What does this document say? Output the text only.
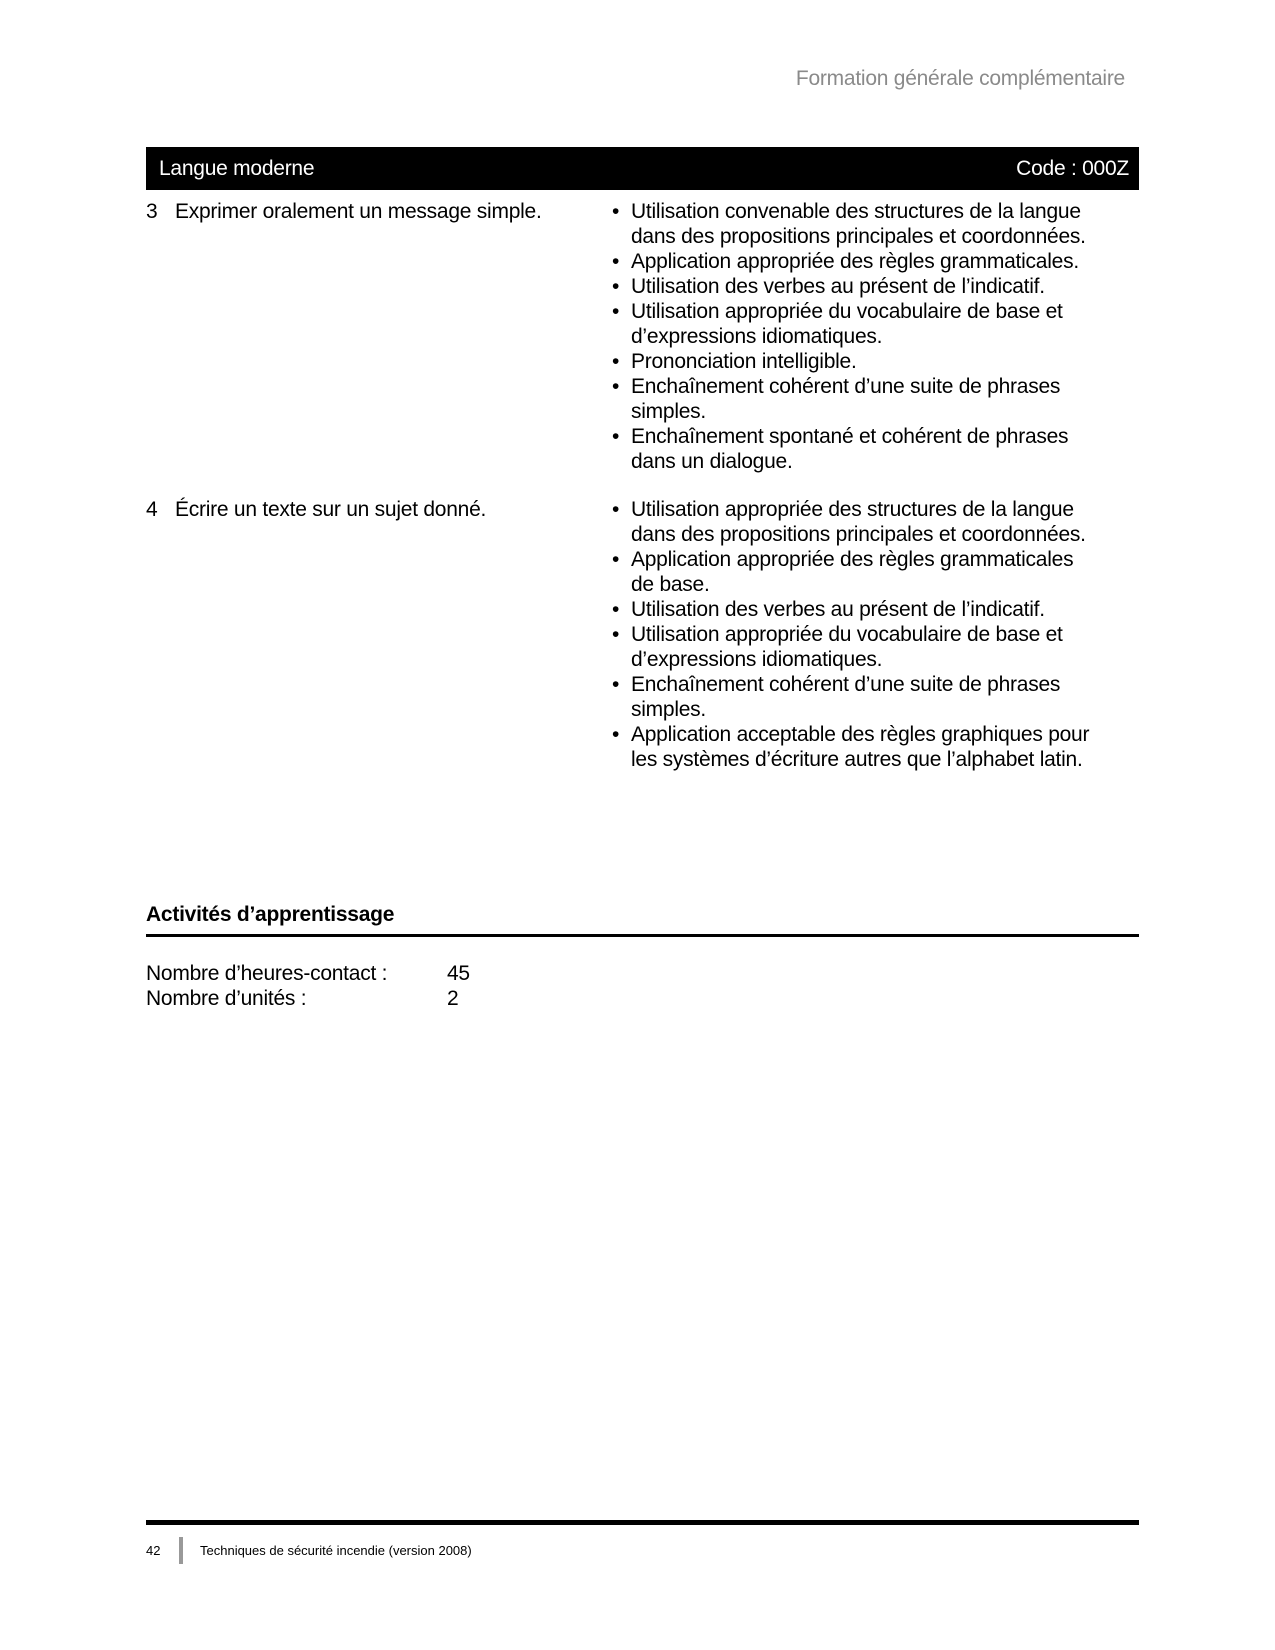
Formation générale complémentaire
Langue moderne	Code : 000Z
3 Exprimer oralement un message simple.	• Utilisation convenable des structures de la langue dans des propositions principales et coordonnées.
• Application appropriée des règles grammaticales.
• Utilisation des verbes au présent de l’indicatif.
• Utilisation appropriée du vocabulaire de base et d’expressions idiomatiques.
• Prononciation intelligible.
• Enchaînement cohérent d’une suite de phrases simples.
• Enchaînement spontané et cohérent de phrases dans un dialogue.
4 Écrire un texte sur un sujet donné.	• Utilisation appropriée des structures de la langue dans des propositions principales et coordonnées.
• Application appropriée des règles grammaticales de base.
• Utilisation des verbes au présent de l’indicatif.
• Utilisation appropriée du vocabulaire de base et d’expressions idiomatiques.
• Enchaînement cohérent d’une suite de phrases simples.
• Application acceptable des règles graphiques pour les systèmes d’écriture autres que l’alphabet latin.
Activités d’apprentissage
Nombre d’heures-contact :	45
Nombre d’unités :	2
42	Techniques de sécurité incendie (version 2008)
